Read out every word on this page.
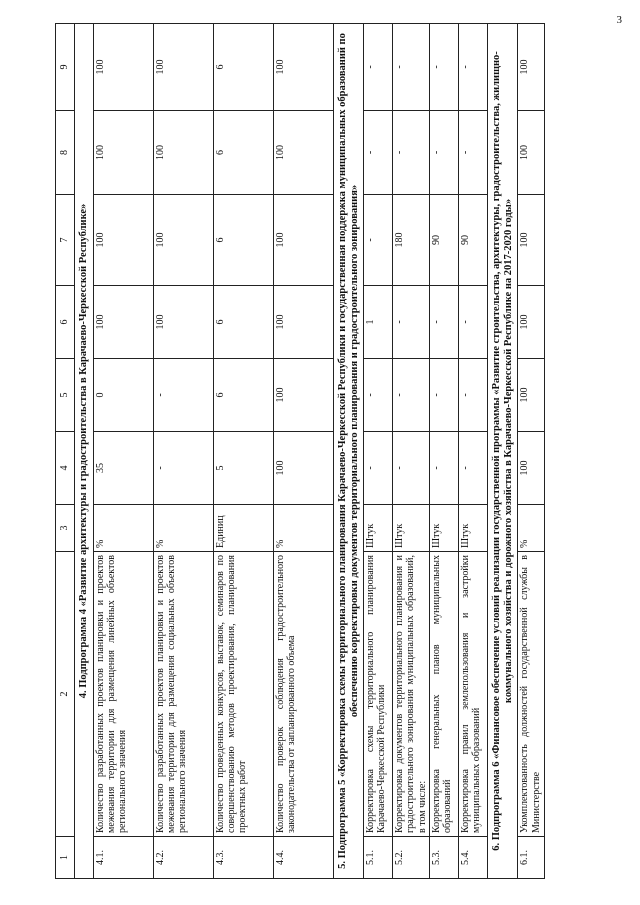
3
1	2	3	4	5	6	7	8	9
4. Подпрограмма 4 «Развитие архитектуры и градостроительства в Карачаево-Черкесской Республике»								
4.1.	Количество разработанных проектов планировки и проектов межевания территории для размещения линейных объектов регионального значения	%	35	0	100	100	100	100
4.2.	Количество разработанных проектов планировки и проектов межевания территории для размещения социальных объектов регионального значения	%	-	-	100	100	100	100
4.3.	Количество проведенных конкурсов, выставок, семинаров по совершенствованию методов проектирования, планирования проектных работ	Единиц	5	6	6	6	6	6
4.4.	Количество проверок соблюдения градостроительного законодательства от запланированного объема	%	100	100	100	100	100	100
5. Подпрограмма 5 «Корректировка схемы территориального планирования Карачаево-Черкесской Республики и государственная поддержка муниципальных образований по обеспечению корректировки документов территориального планирования и градостроительного зонирования»								
5.1.	Корректировка схемы территориального планирования Карачаево-Черкесской Республики	Штук	-	-	1	-	-	-
5.2.	Корректировка документов территориального планирования и градостроительного зонирования муниципальных образований, в том числе:	Штук	-	-	-	180	-	-
5.3.	Корректировка генеральных планов муниципальных образований	Штук	-	-	-	90	-	-
5.4.	Корректировка правил землепользования и застройки муниципальных образований	Штук	-	-	-	90	-	-
6. Подпрограмма 6 «Финансовое обеспечение условий реализации государственной программы «Развитие строительства, архитектуры, градостроительства, жилищно-коммунального хозяйства и дорожного хозяйства в Карачаево-Черкесской Республике на 2017-2020 годы»								
6.1.	Укомплектованность должностей государственной службы в Министерстве	%	100	100	100	100	100	100
